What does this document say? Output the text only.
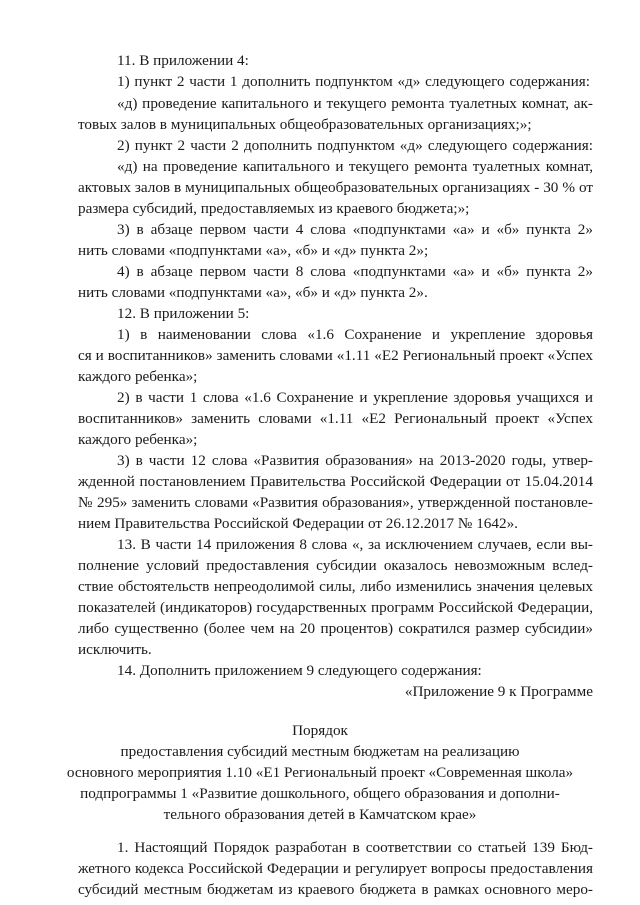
11. В приложении 4:
1) пункт 2 части 1 дополнить подпунктом «д» следующего содержания:
«д) проведение капитального и текущего ремонта туалетных комнат, ак-
товых залов в муниципальных общеобразовательных организациях;»;
2) пункт 2 части 2 дополнить подпунктом «д» следующего содержания:
«д) на проведение капитального и текущего ремонта туалетных комнат,
актовых залов в муниципальных общеобразовательных организациях - 30 % от
размера субсидий, предоставляемых из краевого бюджета;»;
3) в абзаце первом части 4 слова «подпунктами «а» и «б» пункта 2»
нить словами «подпунктами «а», «б» и «д» пункта 2»;
4) в абзаце первом части 8 слова «подпунктами «а» и «б» пункта 2»
нить словами «подпунктами «а», «б» и «д» пункта 2».
12. В приложении 5:
1) в наименовании слова «1.6 Сохранение и укрепление здоровья
ся и воспитанников» заменить словами «1.11 «Е2 Региональный проект «Успех
каждого ребенка»;
2) в части 1 слова «1.6 Сохранение и укрепление здоровья учащихся и
воспитанников» заменить словами «1.11 «Е2 Региональный проект «Успех
каждого ребенка»;
3) в части 12 слова «Развития образования» на 2013-2020 годы, утвер-
жденной постановлением Правительства Российской Федерации от 15.04.2014
№ 295» заменить словами «Развития образования», утвержденной постановле-
нием Правительства Российской Федерации от 26.12.2017 № 1642».
13. В части 14 приложения 8 слова «, за исключением случаев, если вы-
полнение условий предоставления субсидии оказалось невозможным вслед-
ствие обстоятельств непреодолимой силы, либо изменились значения целевых
показателей (индикаторов) государственных программ Российской Федерации,
либо существенно (более чем на 20 процентов) сократился размер субсидии»
исключить.
14. Дополнить приложением 9 следующего содержания:
«Приложение 9 к Программе
Порядок
предоставления субсидий местным бюджетам на реализацию
основного мероприятия 1.10 «Е1 Региональный проект «Современная школа»
подпрограммы 1 «Развитие дошкольного, общего образования и дополни-
тельного образования детей в Камчатском крае»
1. Настоящий Порядок разработан в соответствии со статьей 139 Бюд-
жетного кодекса Российской Федерации и регулирует вопросы предоставления
субсидий местным бюджетам из краевого бюджета в рамках основного меро-
